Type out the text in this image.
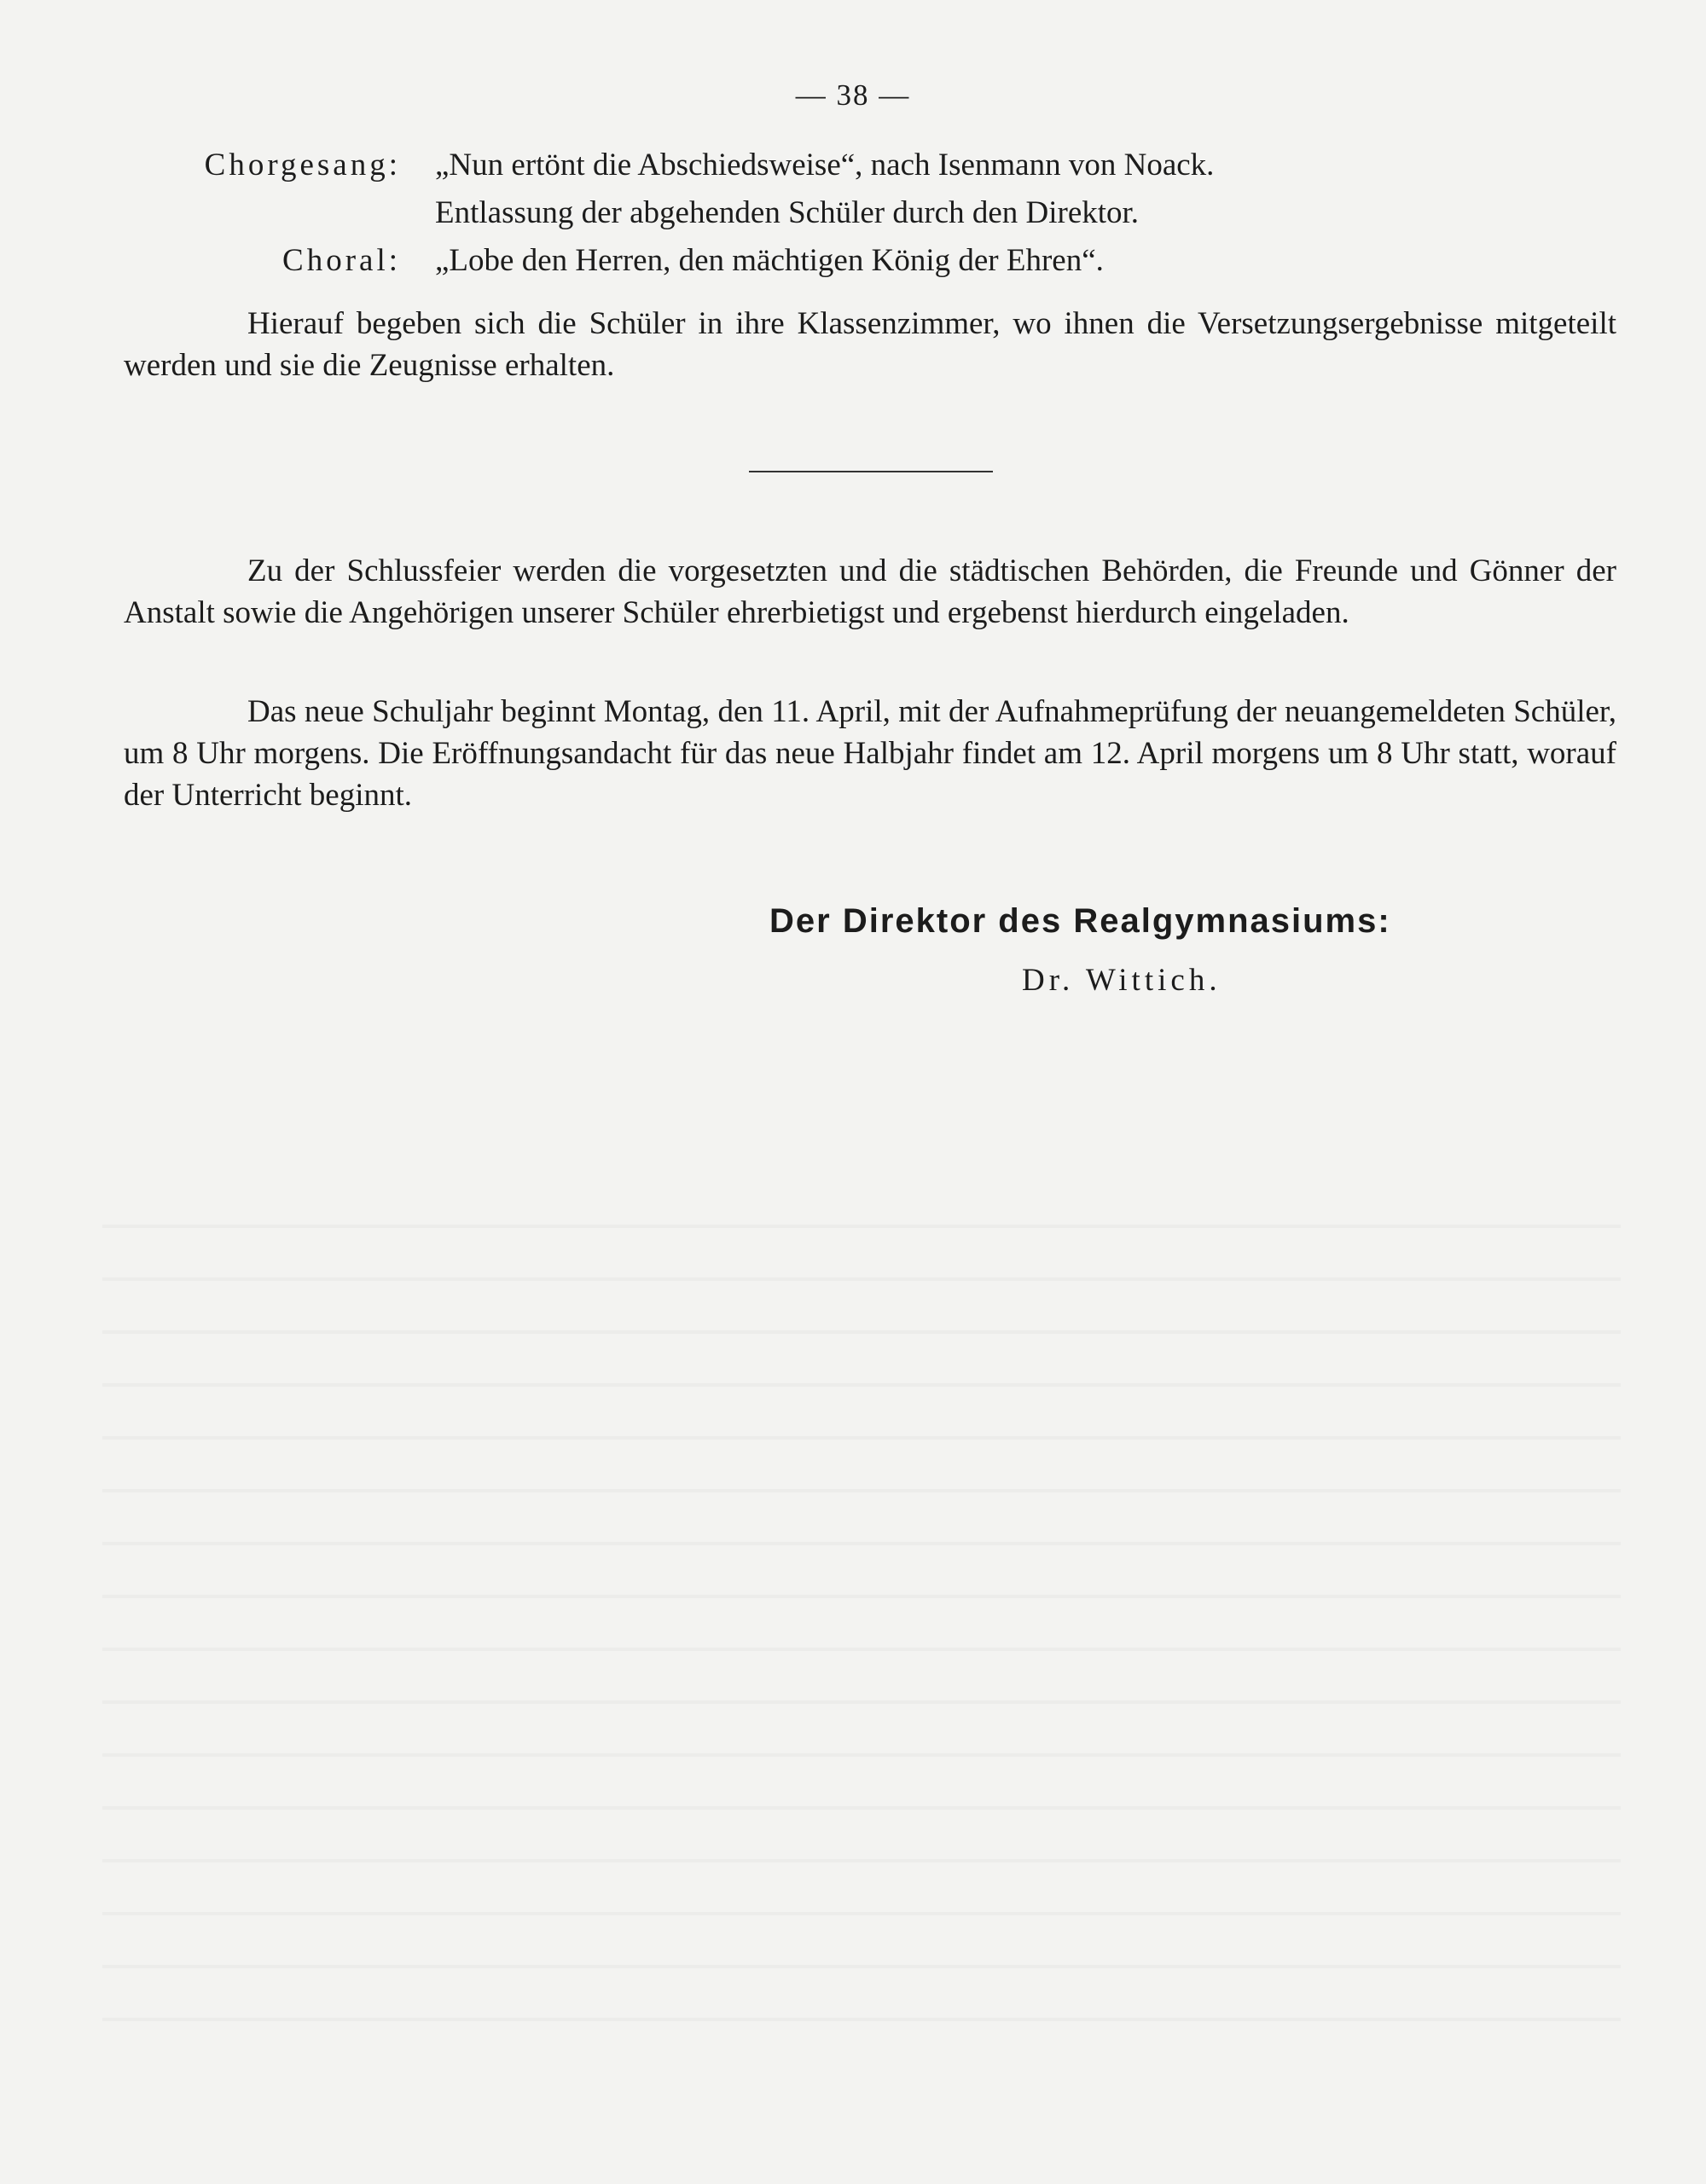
— 38 —
Chorgesang: „Nun ertönt die Abschiedsweise“, nach Isenmann von Noack.
Entlassung der abgehenden Schüler durch den Direktor.
Choral: „Lobe den Herren, den mächtigen König der Ehren“.
Hierauf begeben sich die Schüler in ihre Klassenzimmer, wo ihnen die Versetzungsergebnisse mitgeteilt werden und sie die Zeugnisse erhalten.
Zu der Schlussfeier werden die vorgesetzten und die städtischen Behörden, die Freunde und Gönner der Anstalt sowie die Angehörigen unserer Schüler ehrerbietigst und ergebenst hierdurch eingeladen.
Das neue Schuljahr beginnt Montag, den 11. April, mit der Aufnahmeprüfung der neuangemeldeten Schüler, um 8 Uhr morgens. Die Eröffnungsandacht für das neue Halbjahr findet am 12. April morgens um 8 Uhr statt, worauf der Unterricht beginnt.
Der Direktor des Realgymnasiums:
Dr. Wittich.
